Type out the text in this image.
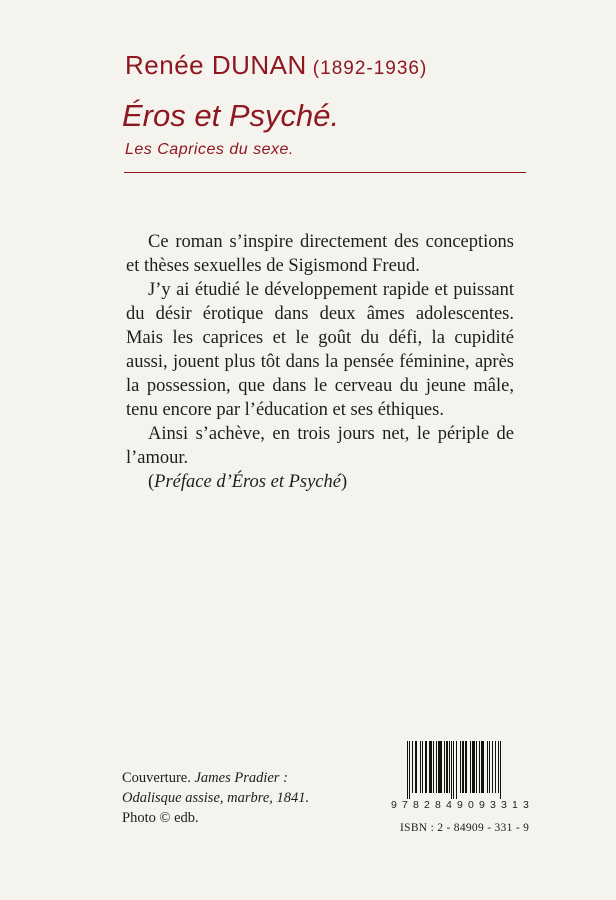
Renée DUNAN (1892-1936)
Éros et Psyché.
Les Caprices du sexe.

Ce roman s’inspire directement des conceptions et thèses sexuelles de Sigismond Freud.

J’y ai étudié le développement rapide et puissant du désir érotique dans deux âmes adolescentes. Mais les caprices et le goût du défi, la cupidité aussi, jouent plus tôt dans la pensée féminine, après la possession, que dans le cerveau du jeune mâle, tenu encore par l’éducation et ses éthiques.

Ainsi s’achève, en trois jours net, le périple de l’amour.

(Préface d’Éros et Psyché)
Couverture. James Pradier :
Odalisque assise, marbre, 1841.
Photo © edb.
9 7 8 2 8 4 9 0 9 3 3 1 3
ISBN : 2 - 84909 - 331 - 9
